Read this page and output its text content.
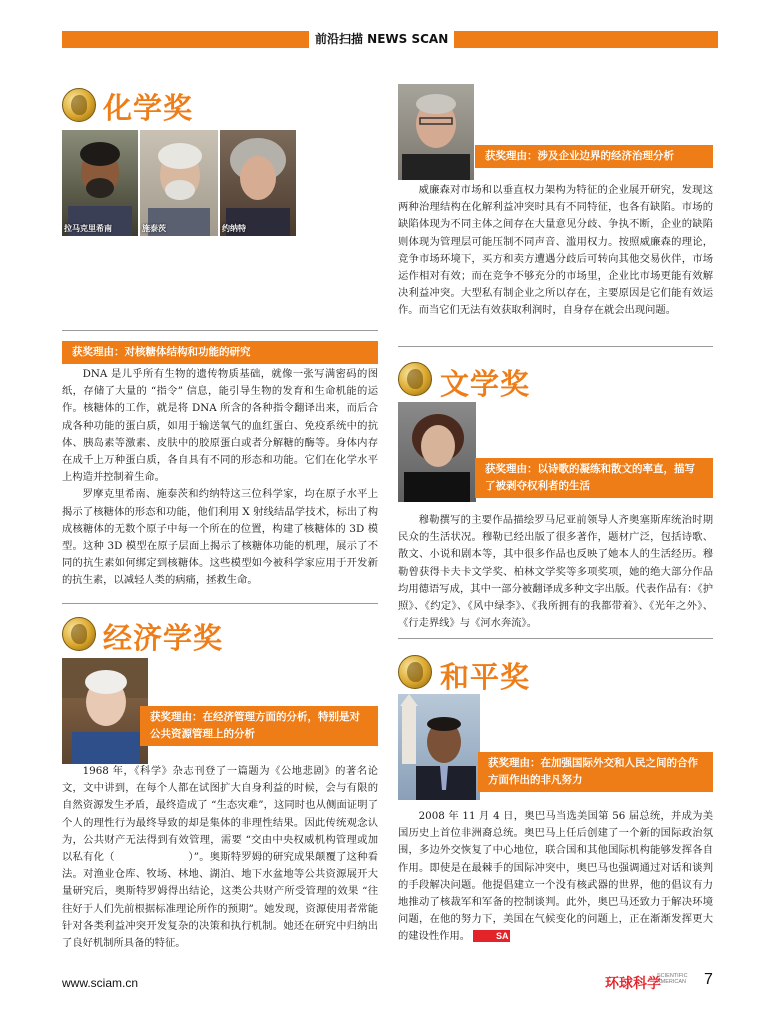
前沿扫描 NEWS SCAN
化学奖
拉马克里希南	施泰茨	约纳特
获奖理由：对核糖体结构和功能的研究

DNA 是儿乎所有生物的遗传物质基础，就像一张写满密码的图纸，存储了大量的 “指令” 信息，能引导生物的发育和生命机能的运作。核糖体的工作，就是将 DNA 所含的各种指令翻译出来，而后合成各种功能的蛋白质，如用于输送氧气的血红蛋白、免疫系统中的抗体、胰岛素等激素、皮肤中的胶原蛋白或者分解糖的酶等。身体内存在成千上万种蛋白质，各自具有不同的形态和功能。它们在化学水平上构造并控制着生命。

罗摩克里希南、施泰茨和约纳特这三位科学家，均在原子水平上揭示了核糖体的形态和功能，他们利用 X 射线结晶学技术，标出了构成核糖体的无数个原子中每一个所在的位置，构建了核糖体的 3D 模型。这种 3D 模型在原子层面上揭示了核糖体功能的机理，展示了不同的抗生素如何绑定到核糖体。这些模型如今被科学家应用于开发新的抗生素，以减轻人类的病痛，拯救生命。

经济学奖
获奖理由：在经济管理方面的分析，特别是对公共资源管理上的分析

1968 年，《科学》杂志刊登了一篇题为《公地悲剧》的著名论文，文中讲到，在每个人都在试图扩大自身利益的时候，会与有限的自然资源发生矛盾，最终造成了 “生态灾难”，这同时也从侧面证明了个人的理性行为最终导致的却是集体的非理性结果。因此传统观念认为，公共财产无法得到有效管理，需要 “交由中央权威机构管理或加以私有化（　　　　　　　）”。奥斯特罗姆的研究成果颠覆了这种看法。对渔业仓库、牧场、林地、湖泊、地下水盆地等公共资源展开大量研究后，奥斯特罗姆得出结论，这类公共财产所受管理的效果 “往往好于人们先前根据标准理论所作的预期”。她发现，资源使用者常能针对各类利益冲突开发复杂的决策和执行机制。她还在研究中归纳出了良好机制所具备的特征。

获奖理由：涉及企业边界的经济治理分析

威廉森对市场和以垂直权力架构为特征的企业展开研究，发现这两种治理结构在化解利益冲突时具有不同特征，也各有缺陷。市场的缺陷体现为不同主体之间存在大量意见分歧、争执不断，企业的缺陷则体现为管理层可能压制不同声音、滥用权力。按照威廉森的理论，竞争市场环境下，买方和卖方遭遇分歧后可转向其他交易伙伴，市场运作相对有效；而在竞争不够充分的市场里，企业比市场更能有效解决利益冲突。大型私有制企业之所以存在，主要原因是它们能有效运作。而当它们无法有效获取利润时，自身存在就会出现问题。

文学奖
获奖理由：以诗歌的凝练和散文的率直，描写了被剥夺权利者的生活

穆勒撰写的主要作品描绘罗马尼亚前领导人齐奥塞斯库统治时期民众的生活状况。穆勒已经出版了很多著作，题材广泛，包括诗歌、散文、小说和剧本等，其中很多作品也反映了她本人的生活经历。穆勒曾获得卡夫卡文学奖、柏林文学奖等多项奖项，她的绝大部分作品均用德语写成，其中一部分被翻译成多种文字出版。代表作品有：《护照》、《约定》、《风中绿李》、《我所拥有的我都带着》、《光年之外》、《行走界线》与《河水奔流》。

和平奖
获奖理由：在加强国际外交和人民之间的合作方面作出的非凡努力

2008 年 11 月 4 日，奥巴马当选美国第 56 届总统，并成为美国历史上首位非洲裔总统。奥巴马上任后创建了一个新的国际政治氛围，多边外交恢复了中心地位，联合国和其他国际机构能够发挥各自作用。即使是在最棘手的国际冲突中，奥巴马也强调通过对话和谈判的手段解决问题。他提倡建立一个没有核武器的世界，他的倡议有力地推动了核裁军和军备的控制谈判。此外，奥巴马还致力于解决环境问题，在他的努力下，美国在气候变化的问题上，正在渐渐发挥更大的建设性作用。	SA

www.sciam.cn	环球科学
SCIENTIFIC AMERICAN 7
